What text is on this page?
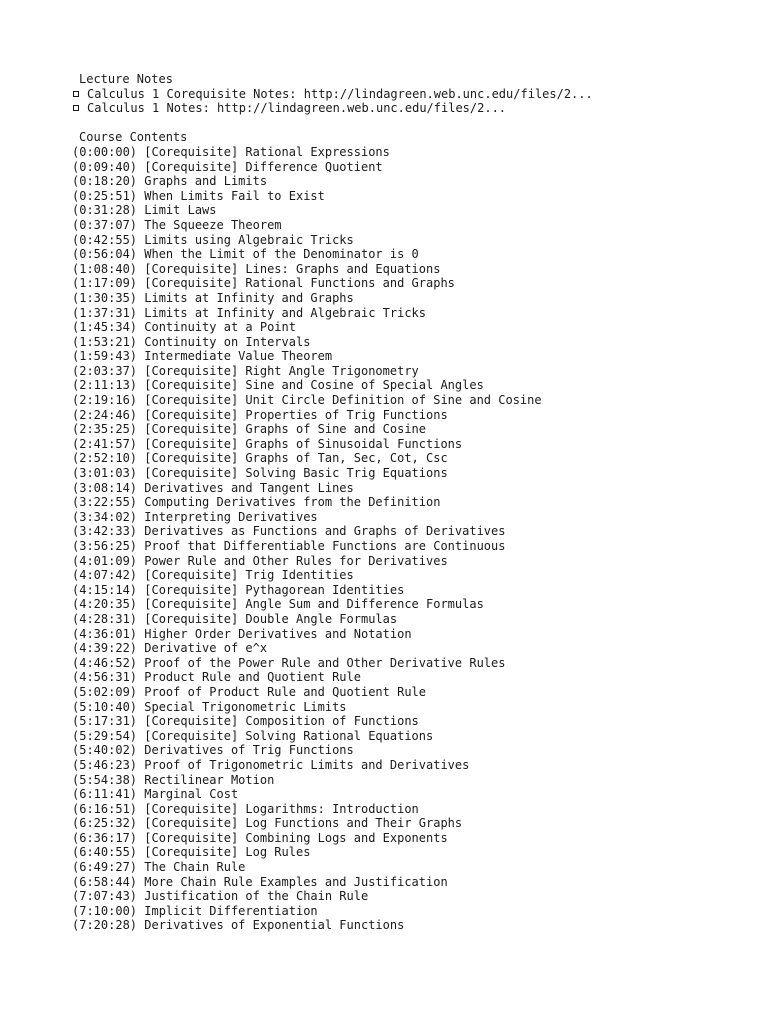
Lecture Notes
Calculus 1 Corequisite Notes: http://lindagreen.web.unc.edu/files/2...
Calculus 1 Notes: http://lindagreen.web.unc.edu/files/2...
Course Contents
(0:00:00) [Corequisite] Rational Expressions
(0:09:40) [Corequisite] Difference Quotient
(0:18:20) Graphs and Limits
(0:25:51) When Limits Fail to Exist
(0:31:28) Limit Laws
(0:37:07) The Squeeze Theorem
(0:42:55) Limits using Algebraic Tricks
(0:56:04) When the Limit of the Denominator is 0
(1:08:40) [Corequisite] Lines: Graphs and Equations
(1:17:09) [Corequisite] Rational Functions and Graphs
(1:30:35) Limits at Infinity and Graphs
(1:37:31) Limits at Infinity and Algebraic Tricks
(1:45:34) Continuity at a Point
(1:53:21) Continuity on Intervals
(1:59:43) Intermediate Value Theorem
(2:03:37) [Corequisite] Right Angle Trigonometry
(2:11:13) [Corequisite] Sine and Cosine of Special Angles
(2:19:16) [Corequisite] Unit Circle Definition of Sine and Cosine
(2:24:46) [Corequisite] Properties of Trig Functions
(2:35:25) [Corequisite] Graphs of Sine and Cosine
(2:41:57) [Corequisite] Graphs of Sinusoidal Functions
(2:52:10) [Corequisite] Graphs of Tan, Sec, Cot, Csc
(3:01:03) [Corequisite] Solving Basic Trig Equations
(3:08:14) Derivatives and Tangent Lines
(3:22:55) Computing Derivatives from the Definition
(3:34:02) Interpreting Derivatives
(3:42:33) Derivatives as Functions and Graphs of Derivatives
(3:56:25) Proof that Differentiable Functions are Continuous
(4:01:09) Power Rule and Other Rules for Derivatives
(4:07:42) [Corequisite] Trig Identities
(4:15:14) [Corequisite] Pythagorean Identities
(4:20:35) [Corequisite] Angle Sum and Difference Formulas
(4:28:31) [Corequisite] Double Angle Formulas
(4:36:01) Higher Order Derivatives and Notation
(4:39:22) Derivative of e^x
(4:46:52) Proof of the Power Rule and Other Derivative Rules
(4:56:31) Product Rule and Quotient Rule
(5:02:09) Proof of Product Rule and Quotient Rule
(5:10:40) Special Trigonometric Limits
(5:17:31) [Corequisite] Composition of Functions
(5:29:54) [Corequisite] Solving Rational Equations
(5:40:02) Derivatives of Trig Functions
(5:46:23) Proof of Trigonometric Limits and Derivatives
(5:54:38) Rectilinear Motion
(6:11:41) Marginal Cost
(6:16:51) [Corequisite] Logarithms: Introduction
(6:25:32) [Corequisite] Log Functions and Their Graphs
(6:36:17) [Corequisite] Combining Logs and Exponents
(6:40:55) [Corequisite] Log Rules
(6:49:27) The Chain Rule
(6:58:44) More Chain Rule Examples and Justification
(7:07:43) Justification of the Chain Rule
(7:10:00) Implicit Differentiation
(7:20:28) Derivatives of Exponential Functions
